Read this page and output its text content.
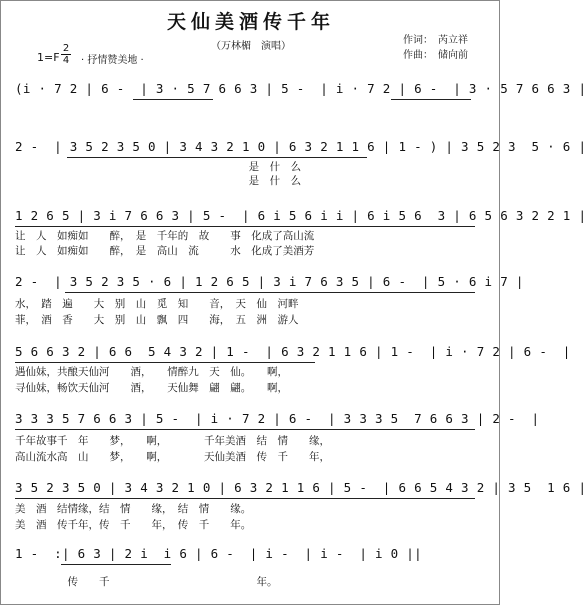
天仙美酒传千年
（万林楣　演唱）
作词：　芮立祥
作曲：　储向前
$1=F \frac{2}{4}$ · 抒情赞美地 ·
(i · 7 2 | 6 -  | 3 · 5 7 6 6 3 | 5 -  | i · 7 2 | 6 -  | 3 · 5 7 6 6 3 |
2 -  | 3 5 2 3 5 0 | 3 4 3 2 1 0 | 6 3 2 1 1 6 | 1 - ) | 3 5 2 3  5 · 6 |
是　什　么
是　什　么
1 2 6 5 | 3 i 7 6 6 3 | 5 -  | 6 i 5 6 i i | 6 i 5 6  3 | 6 5 6 3 2 2 1 |
让　人　如痴如　　醉，　是　千年的　故　　事　化成了高山流
让　人　如痴如　　醉，　是　高山　流　　　水　化成了美酒芳
2 -  | 3 5 2 3 5 · 6 | 1 2 6 5 | 3 i 7 6 3 5 | 6 -  | 5 · 6 i 7 |
水，　踏　遍　　大　别　山　觅　知　　音，　天　仙　河畔
菲，　酒　香　　大　别　山　飘　四　　海，　五　洲　游人
5 6 6 3 2 | 6 6  5 4 3 2 | 1 -  | 6 3 2 1 1 6 | 1 -  | i · 7 2 | 6 -  |
遇仙妹，共酿天仙河　　酒，　　情醉九　天　仙。　　啊，
寻仙妹，畅饮天仙河　　酒，　　天仙舞　翩　翩。　　啊，
3 3 3 5 7 6 6 3 | 5 -  | i · 7 2 | 6 -  | 3 3 3 5  7 6 6 3 | 2 -  |
千年故事千　年　　梦，　　啊，　　　　千年美酒　结　情　　缘，
高山流水高　山　　梦，　　啊，　　　　天仙美酒　传　千　　年，
3 5 2 3 5 0 | 3 4 3 2 1 0 | 6 3 2 1 1 6 | 5 -  | 6 6 5 4 3 2 | 3 5  1 6 |
美　酒　结情缘，结　情　　缘，　结　情　　缘。
美　酒　传千年，传　千　　年，　传　千　　年。
1 -  :| 6 3 | 2 i  i 6 | 6 -  | i -  | i -  | i 0 ||
　　　　　传　　千　　　　　　　　　　　　　　年。
